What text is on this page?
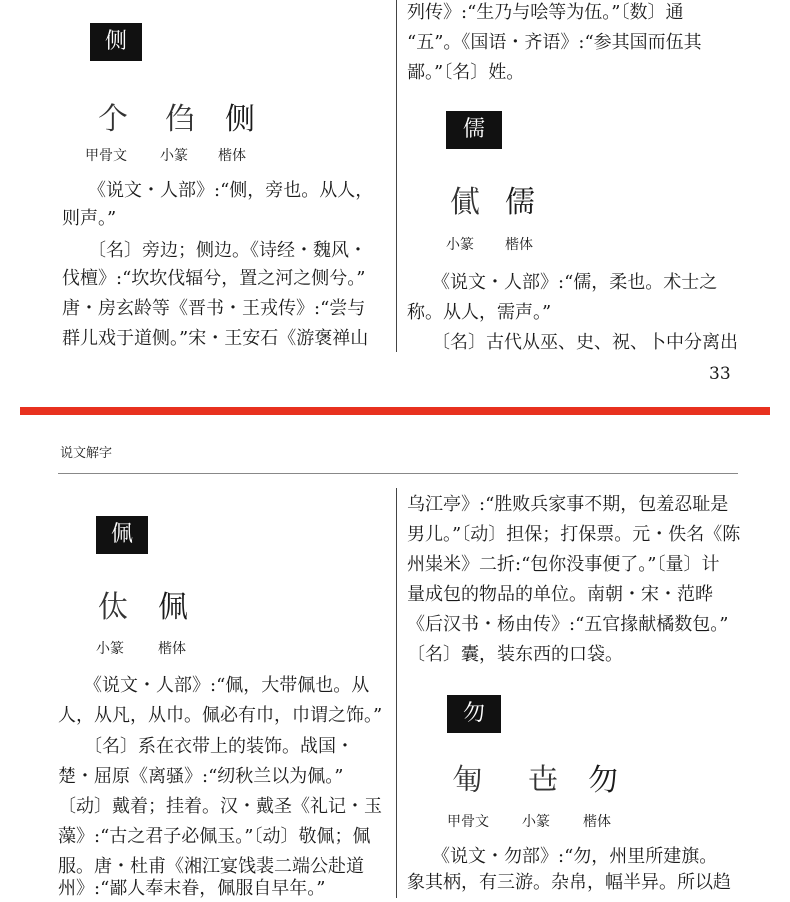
侧
𠆤 㑇 侧
甲骨文 小篆 楷体
《说文・人部》:“侧，旁也。从人，
则声。”
〔名〕旁边；侧边。《诗经・魏风・
伐檀》:“坎坎伐辐兮，置之河之侧兮。”
唐・房玄龄等《晋书・王戎传》:“尝与
群儿戏于道侧。”宋・王安石《游褒禅山
列传》:“生乃与哙等为伍。”〔数〕通
“五”。《国语・齐语》:“参其国而伍其
鄙。”〔名〕姓。
儒
㒃 儒
小篆 楷体
《说文・人部》:“儒，柔也。术士之
称。从人，需声。”
〔名〕古代从巫、史、祝、卜中分离出
33
说文解字
佩
㑀 佩
小篆 楷体
《说文・人部》:“佩，大带佩也。从
人，从凡，从巾。佩必有巾，巾谓之饰。”
〔名〕系在衣带上的装饰。战国・
楚・屈原《离骚》:“纫秋兰以为佩。”
〔动〕戴着；挂着。汉・戴圣《礼记・玉
藻》:“古之君子必佩玉。”〔动〕敬佩；佩
服。唐・杜甫《湘江宴饯裴二端公赴道
州》:“鄙人奉末眷，佩服自早年。”
乌江亭》:“胜败兵家事不期，包羞忍耻是
男儿。”〔动〕担保；打保票。元・佚名《陈
州粜米》二折:“包你没事便了。”〔量〕计
量成包的物品的单位。南朝・宋・范晔
《后汉书・杨由传》:“五官掾献橘数包。”
〔名〕囊，装东西的口袋。
勿
𠣞 㔺 勿
甲骨文 小篆 楷体
《说文・勿部》:“勿，州里所建旗。
象其柄，有三游。杂帛，幅半异。所以趋
